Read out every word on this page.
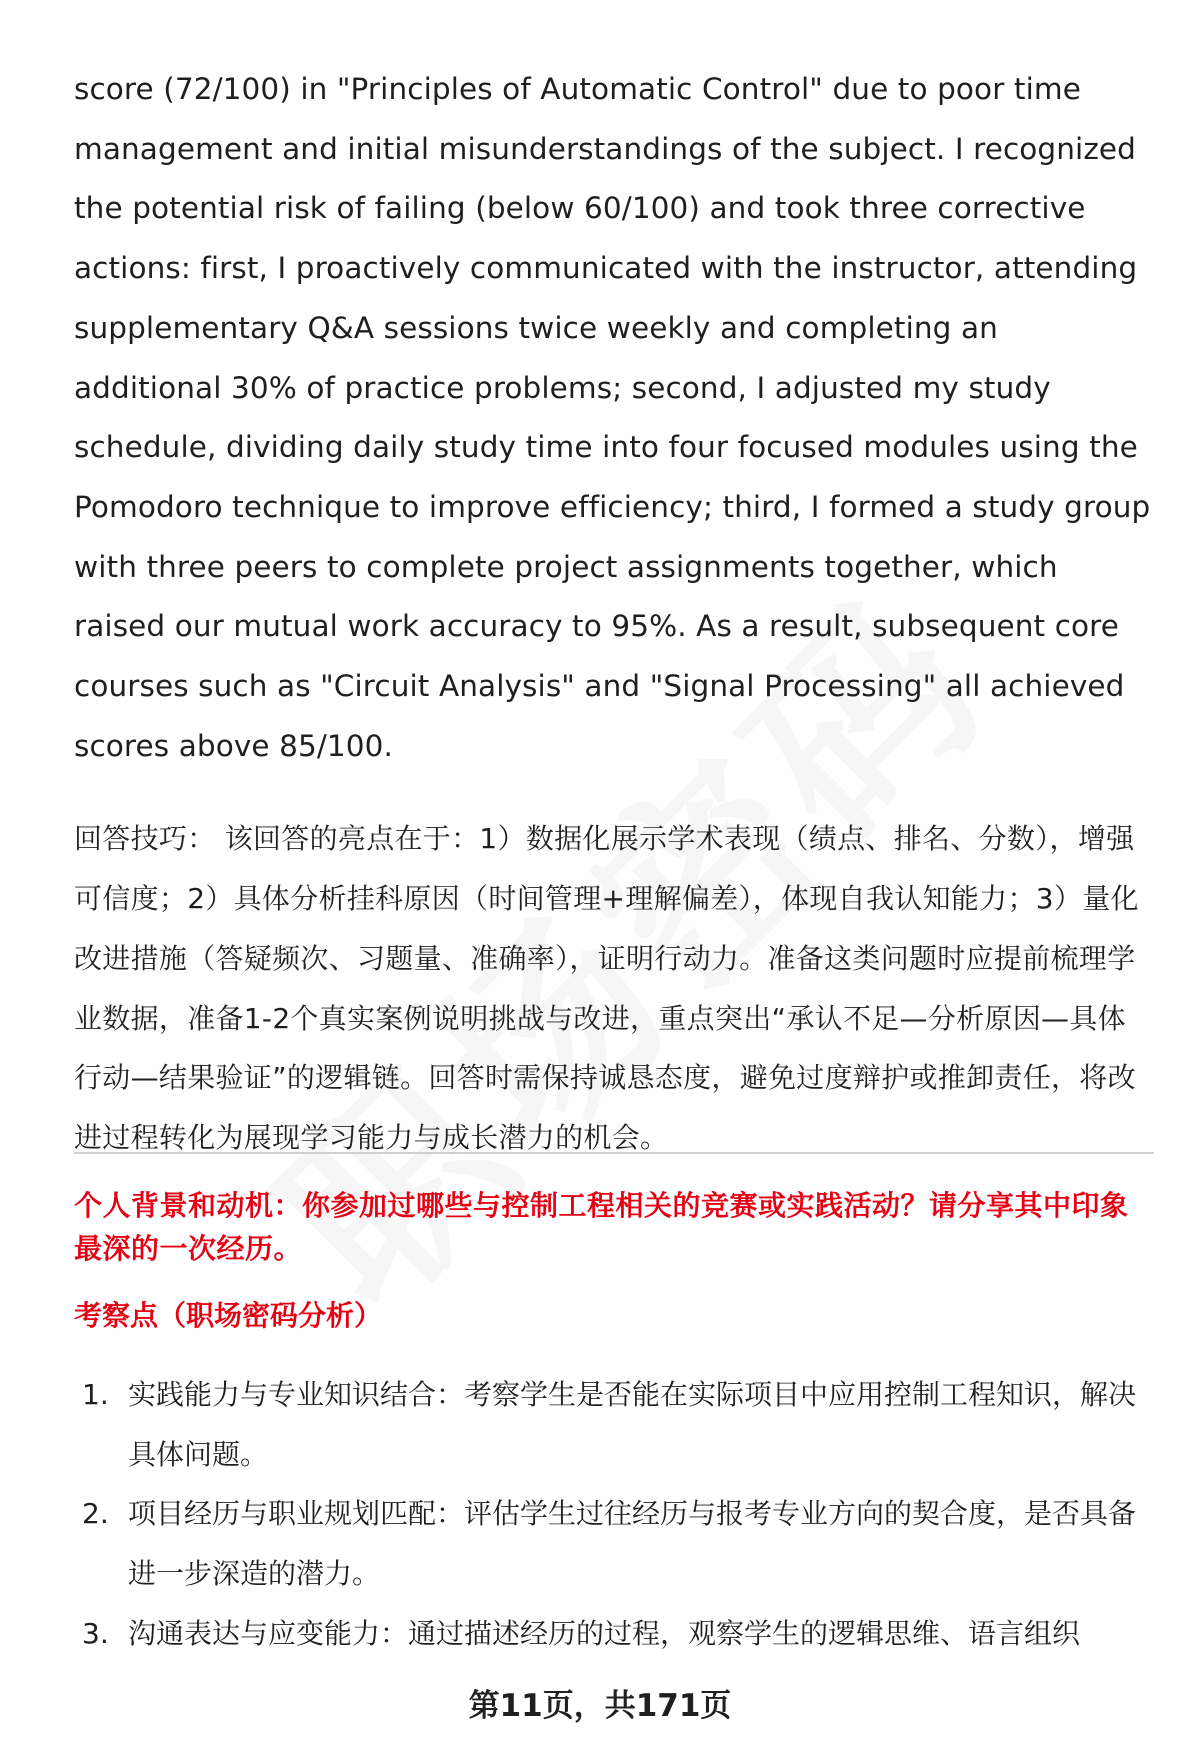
score (72/100) in "Principles of Automatic Control" due to poor time management and initial misunderstandings of the subject. I recognized the potential risk of failing (below 60/100) and took three corrective actions: first, I proactively communicated with the instructor, attending supplementary Q&A sessions twice weekly and completing an additional 30% of practice problems; second, I adjusted my study schedule, dividing daily study time into four focused modules using the Pomodoro technique to improve efficiency; third, I formed a study group with three peers to complete project assignments together, which raised our mutual work accuracy to 95%. As a result, subsequent core courses such as "Circuit Analysis" and "Signal Processing" all achieved scores above 85/100.

回答技巧： 该回答的亮点在于：1）数据化展示学术表现（绩点、排名、分数），增强可信度；2）具体分析挂科原因（时间管理+理解偏差），体现自我认知能力；3）量化改进措施（答疑频次、习题量、准确率），证明行动力。准备这类问题时应提前梳理学业数据，准备1-2个真实案例说明挑战与改进，重点突出“承认不足—分析原因—具体行动—结果验证”的逻辑链。回答时需保持诚恳态度，避免过度辩护或推卸责任，将改进过程转化为展现学习能力与成长潜力的机会。

个人背景和动机：你参加过哪些与控制工程相关的竞赛或实践活动？请分享其中印象最深的一次经历。

考察点（职场密码分析）

1. 实践能力与专业知识结合：考察学生是否能在实际项目中应用控制工程知识，解决具体问题。
2. 项目经历与职业规划匹配：评估学生过往经历与报考专业方向的契合度，是否具备进一步深造的潜力。
3. 沟通表达与应变能力：通过描述经历的过程，观察学生的逻辑思维、语言组织
第11页，共171页
